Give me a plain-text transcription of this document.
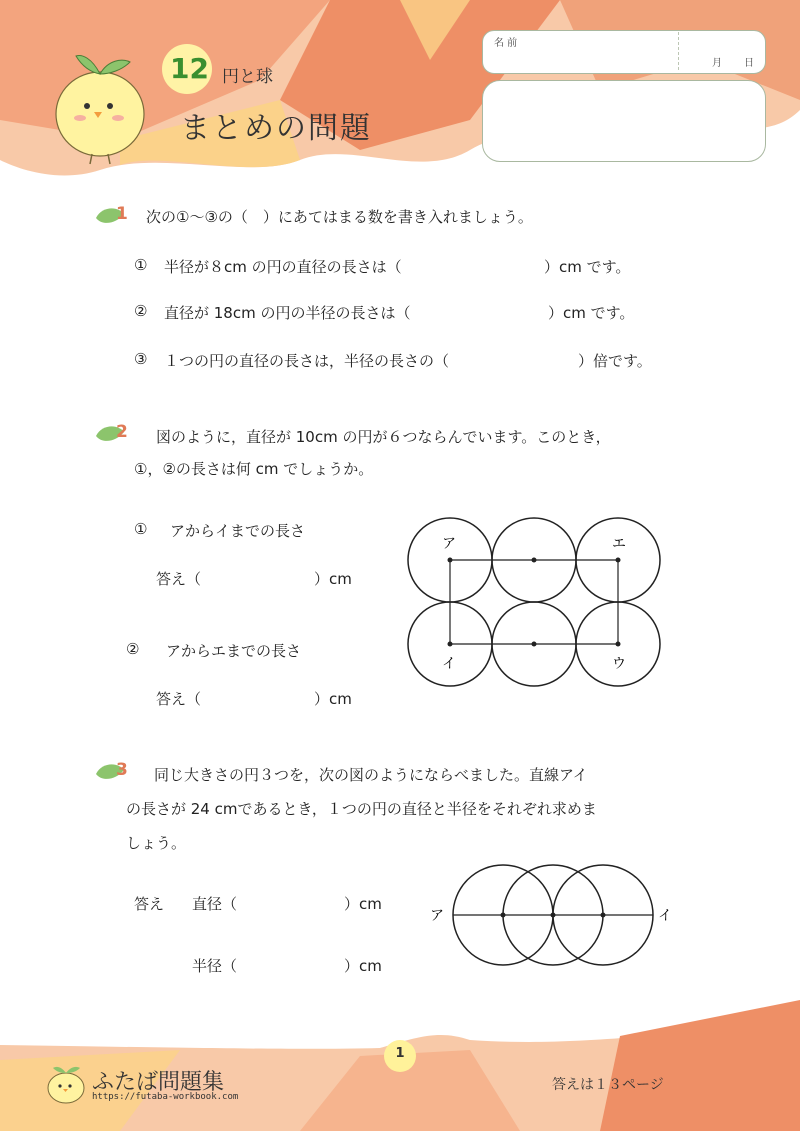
12 円と球
まとめの問題
名 前
月　日
1 次の①～③の（　）にあてはまる数を書き入れましょう。
① 半径が８cm の円の直径の長さは（	）cm です。
② 直径が 18cm の円の半径の長さは（	）cm です。
③ １つの円の直径の長さは，半径の長さの（	）倍です。
2 図のように，直径が 10cm の円が６つならんでいます。このとき，
①，②の長さは何 cm でしょうか。
① アからイまでの長さ
答え（	）cm
② アからエまでの長さ
答え（	）cm
ア	エ
イ	ウ
3 同じ大きさの円３つを，次の図のようにならべました。直線アイ
の長さが 24 cmであるとき，１つの円の直径と半径をそれぞれ求めま
しょう。
答え 直径（	）cm
半径（	）cm
ア	イ
1
ふたば問題集
https://futaba-workbook.com
答えは１３ページ
